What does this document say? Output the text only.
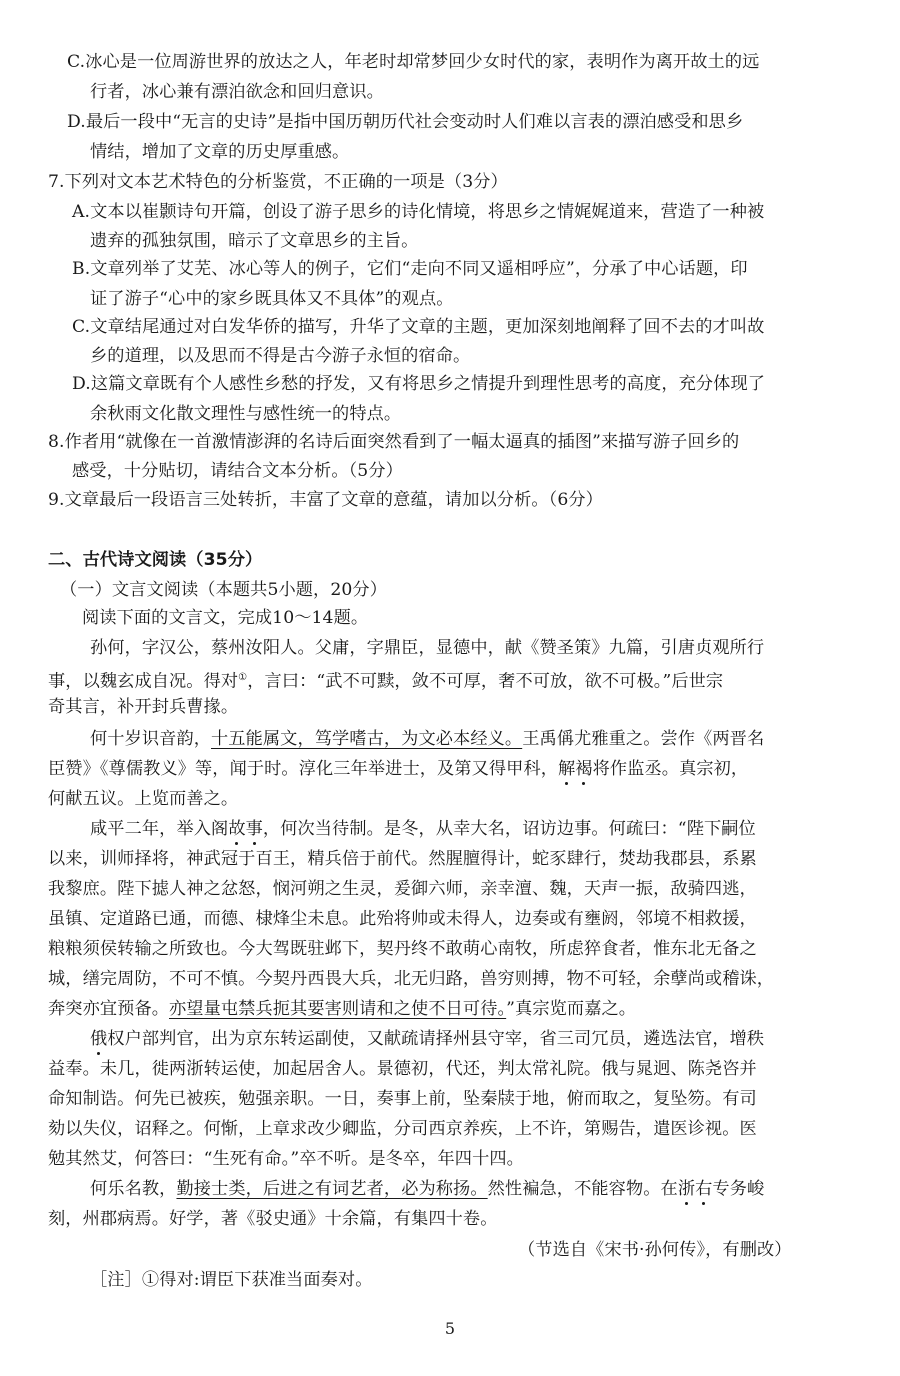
C.冰心是一位周游世界的放达之人，年老时却常梦回少女时代的家，表明作为离开故土的远
行者，冰心兼有漂泊欲念和回归意识。
D.最后一段中“无言的史诗”是指中国历朝历代社会变动时人们难以言表的漂泊感受和思乡
情结，增加了文章的历史厚重感。
7.下列对文本艺术特色的分析鉴赏，不正确的一项是（3分）
A.文本以崔颢诗句开篇，创设了游子思乡的诗化情境，将思乡之情娓娓道来，营造了一种被
遗弃的孤独氛围，暗示了文章思乡的主旨。
B.文章列举了艾芜、冰心等人的例子，它们“走向不同又遥相呼应”，分承了中心话题，印
证了游子“心中的家乡既具体又不具体”的观点。
C.文章结尾通过对白发华侨的描写，升华了文章的主题，更加深刻地阐释了回不去的才叫故
乡的道理，以及思而不得是古今游子永恒的宿命。
D.这篇文章既有个人感性乡愁的抒发，又有将思乡之情提升到理性思考的高度，充分体现了
余秋雨文化散文理性与感性统一的特点。
8.作者用“就像在一首激情澎湃的名诗后面突然看到了一幅太逼真的插图”来描写游子回乡的
感受，十分贴切，请结合文本分析。（5分）
9.文章最后一段语言三处转折，丰富了文章的意蕴，请加以分析。（6分）
二、古代诗文阅读（35分）
（一）文言文阅读（本题共5小题，20分）
阅读下面的文言文，完成10～14题。
孙何，字汉公，蔡州汝阳人。父庸，字鼎臣，显德中，献《赞圣策》九篇，引唐贞观所行
事，以魏玄成自况。得对①，言曰：“武不可黩，敛不可厚，奢不可放，欲不可极。”后世宗
奇其言，补开封兵曹掾。
何十岁识音韵，十五能属文，笃学嗜古，为文必本经义。王禹偁尤雅重之。尝作《两晋名
臣赞》《尊儒教义》等，闻于时。淳化三年举进士，及第又得甲科，解褐将作监丞。真宗初，
何献五议。上览而善之。
咸平二年，举入阁故事，何次当待制。是冬，从幸大名，诏访边事。何疏曰：“陛下嗣位
以来，训师择将，神武冠于百王，精兵倍于前代。然腥膻得计，蛇豕肆行，焚劫我郡县，系累
我黎庶。陛下摅人神之忿怒，悯河朔之生灵，爰御六师，亲幸澶、魏，天声一振，敌骑四逃，
虽镇、定道路已通，而德、棣烽尘未息。此殆将帅或未得人，边奏或有壅阏，邻境不相救援，
粮粮须侯转输之所致也。今大驾既驻邺下，契丹终不敢萌心南牧，所虑猝食者，惟东北无备之
城，缮完周防，不可不慎。今契丹西畏大兵，北无归路，兽穷则搏，物不可轻，余孽尚或稽诛，
奔突亦宜预备。亦望量屯禁兵扼其要害则请和之使不日可待。”真宗览而嘉之。
俄权户部判官，出为京东转运副使，又献疏请择州县守宰，省三司冗员，遴选法官，增秩
益奉。未几，徙两浙转运使，加起居舍人。景德初，代还，判太常礼院。俄与晁迥、陈尧咨并
命知制诰。何先已被疾，勉强亲职。一日，奏事上前，坠秦牍于地，俯而取之，复坠笏。有司
劾以失仪，诏释之。何惭，上章求改少卿监，分司西京养疾，上不许，第赐告，遣医诊视。医
勉其然艾，何答曰：“生死有命。”卒不听。是冬卒，年四十四。
何乐名教，勤接士类，后进之有词艺者，必为称扬。然性褊急，不能容物。在浙右专务峻
刻，州郡病焉。好学，著《驳史通》十余篇，有集四十卷。
（节选自《宋书·孙何传》，有删改）
［注］①得对:谓臣下获准当面奏对。
5
